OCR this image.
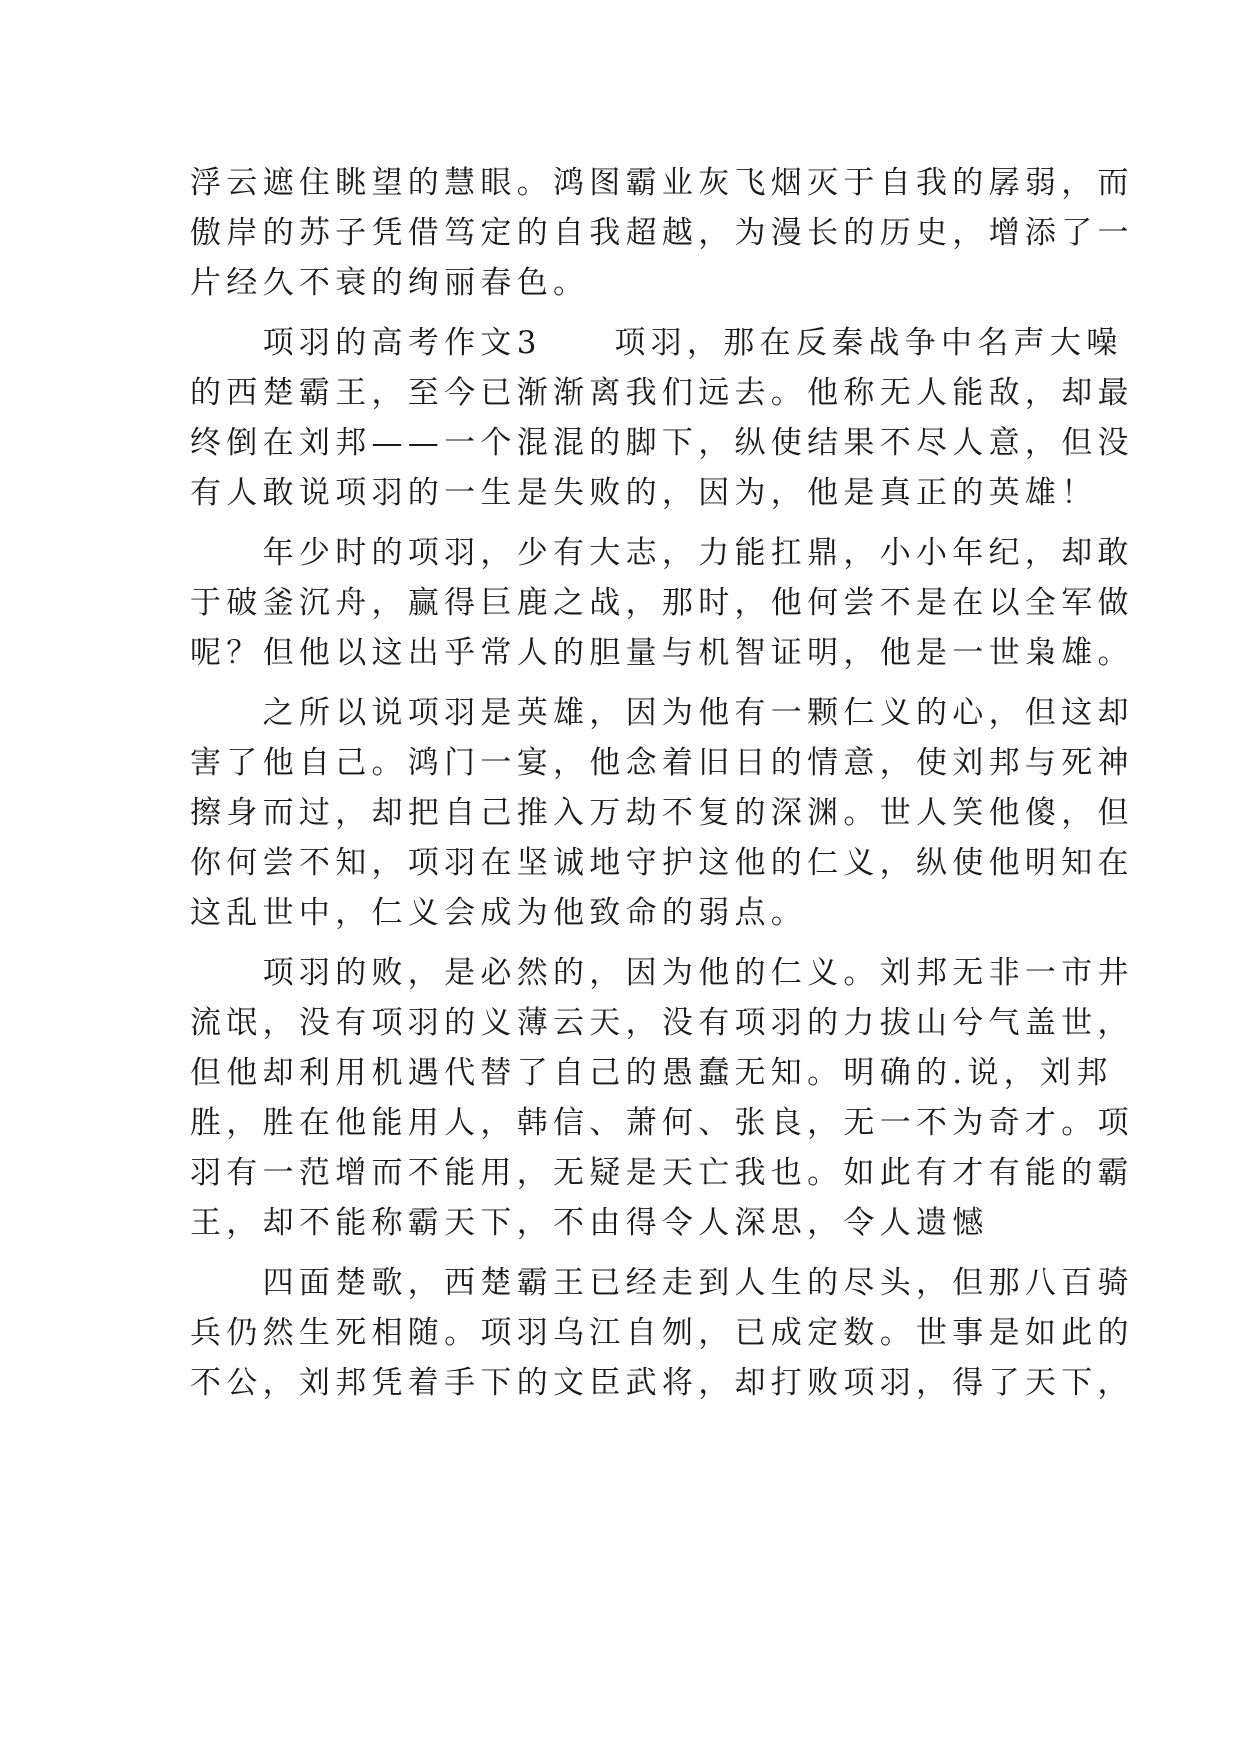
浮云遮住眺望的慧眼。鸿图霸业灰飞烟灭于自我的孱弱，而
傲岸的苏子凭借笃定的自我超越，为漫长的历史，增添了一
片经久不衰的绚丽春色。
　　项羽的高考作文3　　项羽，那在反秦战争中名声大噪
的西楚霸王，至今已渐渐离我们远去。他称无人能敌，却最
终倒在刘邦——一个混混的脚下，纵使结果不尽人意，但没
有人敢说项羽的一生是失败的，因为，他是真正的英雄！
　　年少时的项羽，少有大志，力能扛鼎，小小年纪，却敢
于破釜沉舟，赢得巨鹿之战，那时，他何尝不是在以全军做
呢？但他以这出乎常人的胆量与机智证明，他是一世枭雄。
　　之所以说项羽是英雄，因为他有一颗仁义的心，但这却
害了他自己。鸿门一宴，他念着旧日的情意，使刘邦与死神
擦身而过，却把自己推入万劫不复的深渊。世人笑他傻，但
你何尝不知，项羽在坚诚地守护这他的仁义，纵使他明知在
这乱世中，仁义会成为他致命的弱点。
　　项羽的败，是必然的，因为他的仁义。刘邦无非一市井
流氓，没有项羽的义薄云天，没有项羽的力拔山兮气盖世，
但他却利用机遇代替了自己的愚蠢无知。明确的.说，刘邦
胜，胜在他能用人，韩信、萧何、张良，无一不为奇才。项
羽有一范增而不能用，无疑是天亡我也。如此有才有能的霸
王，却不能称霸天下，不由得令人深思，令人遗憾
　　四面楚歌，西楚霸王已经走到人生的尽头，但那八百骑
兵仍然生死相随。项羽乌江自刎，已成定数。世事是如此的
不公，刘邦凭着手下的文臣武将，却打败项羽，得了天下，
